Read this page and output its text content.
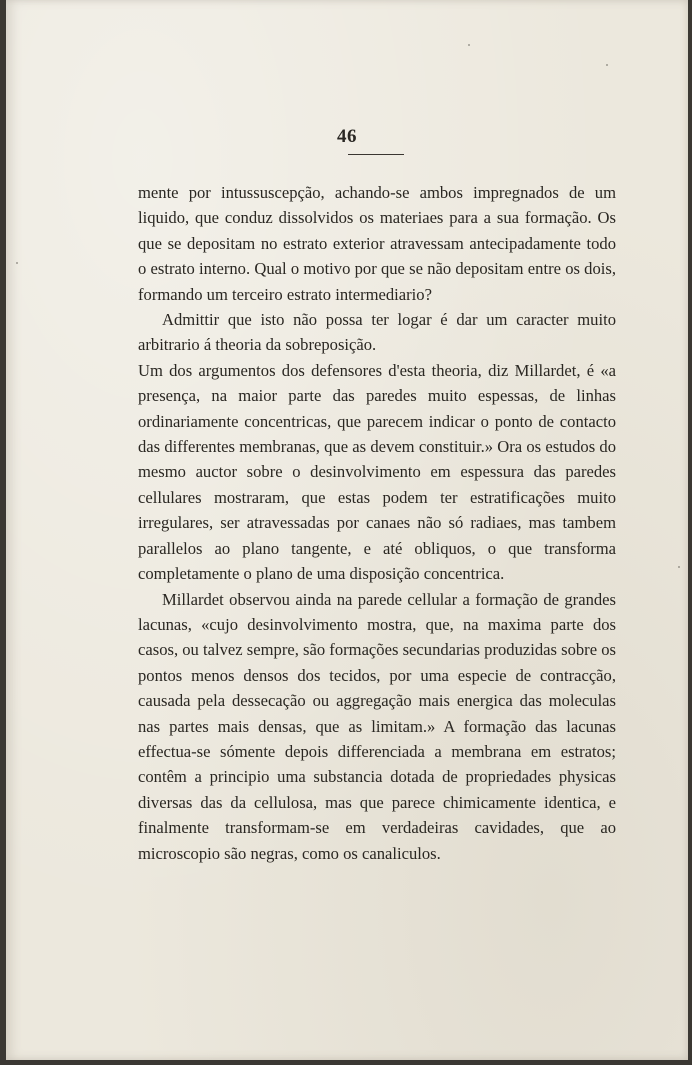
46

mente por intussuscepção, achando-se ambos impregnados de um liquido, que conduz dissolvidos os materiaes para a sua formação. Os que se depositam no estrato exterior atravessam antecipadamente todo o estrato interno. Qual o motivo por que se não depositam entre os dois, formando um terceiro estrato intermediario?

Admittir que isto não possa ter logar é dar um caracter muito arbitrario á theoria da sobreposição.

Um dos argumentos dos defensores d'esta theoria, diz Millardet, é «a presença, na maior parte das paredes muito espessas, de linhas ordinariamente concentricas, que parecem indicar o ponto de contacto das differentes membranas, que as devem constituir.» Ora os estudos do mesmo auctor sobre o desinvolvimento em espessura das paredes cellulares mostraram, que estas podem ter estratificações muito irregulares, ser atravessadas por canaes não só radiaes, mas tambem parallelos ao plano tangente, e até obliquos, o que transforma completamente o plano de uma disposição concentrica.

Millardet observou ainda na parede cellular a formação de grandes lacunas, «cujo desinvolvimento mostra, que, na maxima parte dos casos, ou talvez sempre, são formações secundarias produzidas sobre os pontos menos densos dos tecidos, por uma especie de contracção, causada pela dessecação ou aggregação mais energica das moleculas nas partes mais densas, que as limitam.» A formação das lacunas effectua-se sómente depois differenciada a membrana em estratos; contêm a principio uma substancia dotada de propriedades physicas diversas das da cellulosa, mas que parece chimicamente identica, e finalmente transformam-se em verdadeiras cavidades, que ao microscopio são negras, como os canaliculos.
